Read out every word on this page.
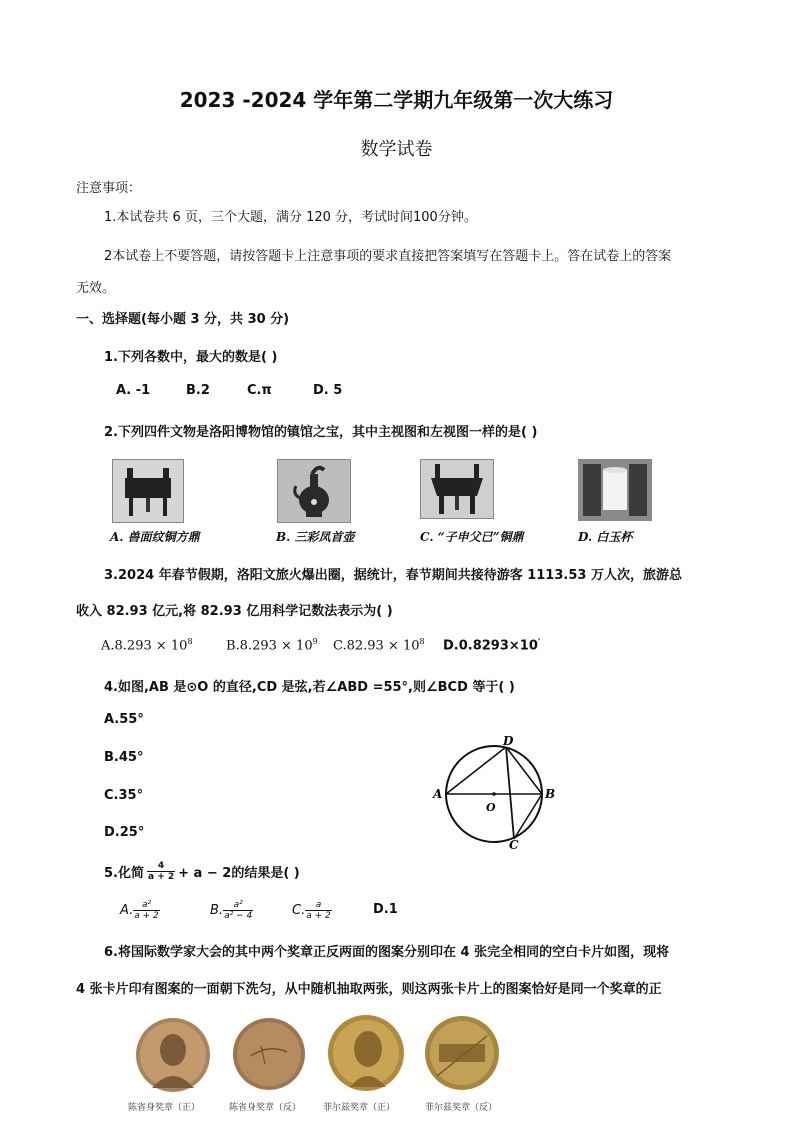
2023 -2024 学年第二学期九年级第一次大练习
数学试卷
注意事项：
1.本试卷共 6 页，三个大题，满分 120 分，考试时间100分钟。
2本试卷上不要答题，请按答题卡上注意事项的要求直接把答案填写在答题卡上。答在试卷上的答案
无效。
一、选择题(每小题 3 分，共 30 分)
1.下列各数中，最大的数是( )
A. -1	B.2	C.π	D. 5
2.下列四件文物是洛阳博物馆的镇馆之宝，其中主视图和左视图一样的是( )
A. 兽面纹铜方鼎	B. 三彩凤首壶	C. “子申父已”铜鼎	D. 白玉杯
3.2024 年春节假期，洛阳文旅火爆出圈，据统计，春节期间共接待游客 1113.53 万人次，旅游总
收入 82.93 亿元,将 82.93 亿用科学记数法表示为( )
$A.8.293 \times 10^8$	$B.8.293 \times 10^9$ $C.82.93 \times 10^8$ D.0.8293×10'
4.如图,AB 是⊙O 的直径,CD 是弦,若∠ABD =55°,则∠BCD 等于( )
A.55°
B.45°
C.35°
D.25°
A	B
D
C
O
5.化简 $\frac{4}{a + 2} + a - 2$的结果是( )
A. $\frac{\text{a²}}{a + 2}$	B. $\frac{\text{a²}}{\text{a² − 4}}$	C. $\frac{a}{a + 2}$	D.1
6.将国际数学家大会的其中两个奖章正反两面的图案分别印在 4 张完全相同的空白卡片如图，现将
4 张卡片印有图案的一面朝下洗匀，从中随机抽取两张，则这两张卡片上的图案恰好是同一个奖章的正
陈省身奖章（正）	陈省身奖章（反） 菲尔兹奖章（正）	菲尔兹奖章（反）
